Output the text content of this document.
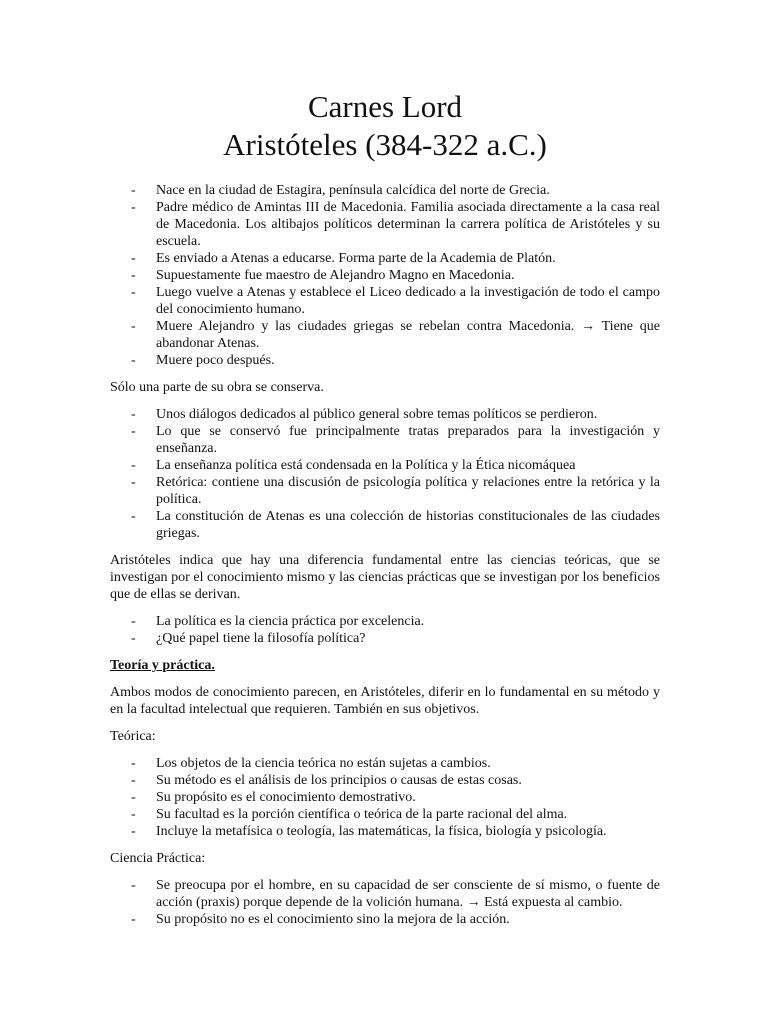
Carnes Lord
Aristóteles (384-322 a.C.)
- Nace en la ciudad de Estagira, península calcídica del norte de Grecia.
- Padre médico de Amintas III de Macedonia. Familia asociada directamente a la casa real de Macedonia. Los altibajos políticos determinan la carrera política de Aristóteles y su escuela.
- Es enviado a Atenas a educarse. Forma parte de la Academia de Platón.
- Supuestamente fue maestro de Alejandro Magno en Macedonia.
- Luego vuelve a Atenas y establece el Liceo dedicado a la investigación de todo el campo del conocimiento humano.
- Muere Alejandro y las ciudades griegas se rebelan contra Macedonia. → Tiene que abandonar Atenas.
- Muere poco después.

Sólo una parte de su obra se conserva.

- Unos diálogos dedicados al público general sobre temas políticos se perdieron.
- Lo que se conservó fue principalmente tratas preparados para la investigación y enseñanza.
- La enseñanza política está condensada en la Política y la Ética nicomáquea
- Retórica: contiene una discusión de psicología política y relaciones entre la retórica y la política.
- La constitución de Atenas es una colección de historias constitucionales de las ciudades griegas.

Aristóteles indica que hay una diferencia fundamental entre las ciencias teóricas, que se investigan por el conocimiento mismo y las ciencias prácticas que se investigan por los beneficios que de ellas se derivan.

- La política es la ciencia práctica por excelencia.
- ¿Qué papel tiene la filosofía política?
Teoría y práctica.

Ambos modos de conocimiento parecen, en Aristóteles, diferir en lo fundamental en su método y en la facultad intelectual que requieren. También en sus objetivos.

Teórica:

- Los objetos de la ciencia teórica no están sujetas a cambios.
- Su método es el análisis de los principios o causas de estas cosas.
- Su propósito es el conocimiento demostrativo.
- Su facultad es la porción científica o teórica de la parte racional del alma.
- Incluye la metafísica o teología, las matemáticas, la física, biología y psicología.

Ciencia Práctica:

- Se preocupa por el hombre, en su capacidad de ser consciente de sí mismo, o fuente de acción (praxis) porque depende de la volición humana. → Está expuesta al cambio.
- Su propósito no es el conocimiento sino la mejora de la acción.
